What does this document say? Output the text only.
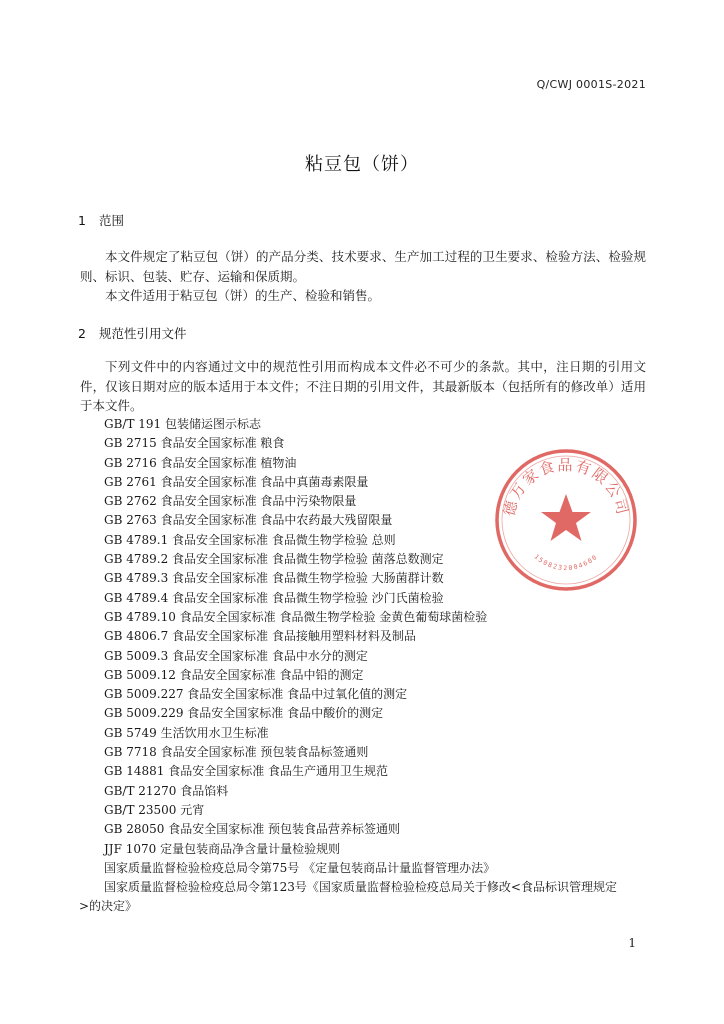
Q/CWJ 0001S-2021
粘豆包（饼）
1 范围

本文件规定了粘豆包（饼）的产品分类、技术要求、生产加工过程的卫生要求、检验方法、检验规则、标识、包装、贮存、运输和保质期。

本文件适用于粘豆包（饼）的生产、检验和销售。

2 规范性引用文件

下列文件中的内容通过文中的规范性引用而构成本文件必不可少的条款。其中，注日期的引用文件，仅该日期对应的版本适用于本文件；不注日期的引用文件，其最新版本（包括所有的修改单）适用于本文件。

GB/T 191 包装储运图示标志
GB 2715 食品安全国家标准 粮食
GB 2716 食品安全国家标准 植物油
GB 2761 食品安全国家标准 食品中真菌毒素限量
GB 2762 食品安全国家标准 食品中污染物限量
GB 2763 食品安全国家标准 食品中农药最大残留限量
GB 4789.1 食品安全国家标准 食品微生物学检验 总则
GB 4789.2 食品安全国家标准 食品微生物学检验 菌落总数测定
GB 4789.3 食品安全国家标准 食品微生物学检验 大肠菌群计数
GB 4789.4 食品安全国家标准 食品微生物学检验 沙门氏菌检验
GB 4789.10 食品安全国家标准 食品微生物学检验 金黄色葡萄球菌检验
GB 4806.7 食品安全国家标准 食品接触用塑料材料及制品
GB 5009.3 食品安全国家标准 食品中水分的测定
GB 5009.12 食品安全国家标准 食品中铅的测定
GB 5009.227 食品安全国家标准 食品中过氧化值的测定
GB 5009.229 食品安全国家标准 食品中酸价的测定
GB 5749 生活饮用水卫生标准
GB 7718 食品安全国家标准 预包装食品标签通则
GB 14881 食品安全国家标准 食品生产通用卫生规范
GB/T 21270 食品馅料
GB/T 23500 元宵
GB 28050 食品安全国家标准 预包装食品营养标签通则
JJF 1070 定量包装商品净含量计量检验规则
国家质量监督检验检疫总局令第75号 《定量包装商品计量监督管理办法》
国家质量监督检验检疫总局令第123号《国家质量监督检验检疫总局关于修改<食品标识管理规定
>的决定》
德万家食品有限公司
1508232004600
1
